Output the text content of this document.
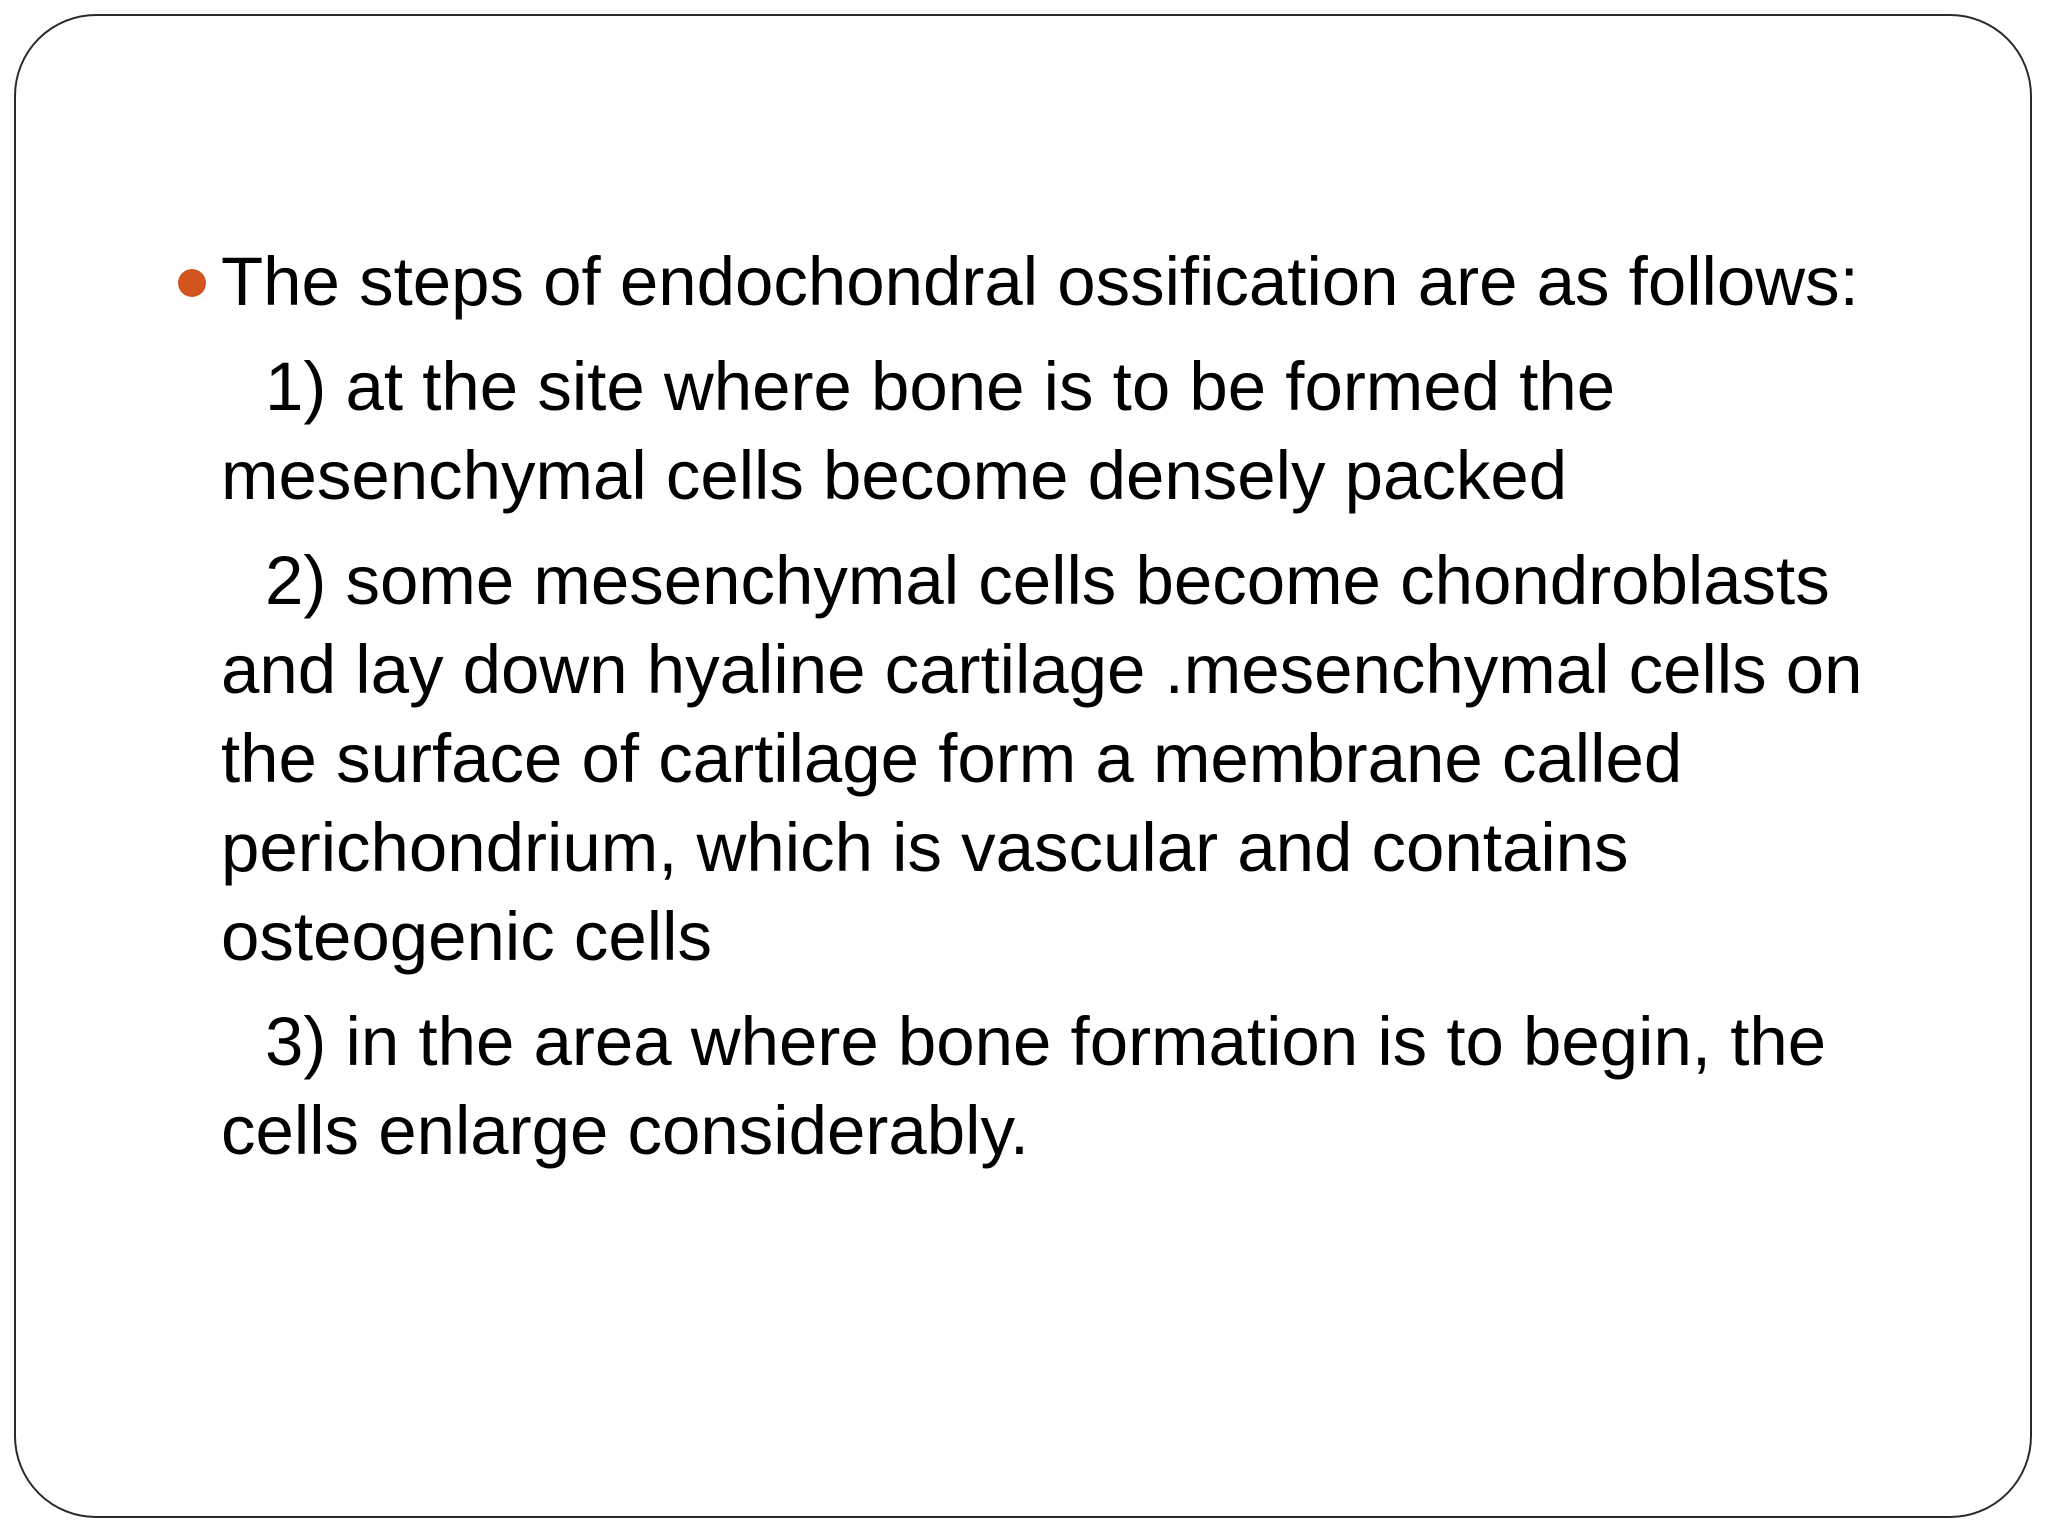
The steps of endochondral ossification are as follows:

1) at the site where bone is to be formed the mesenchymal cells become densely packed

2) some mesenchymal cells become chondroblasts and lay down hyaline cartilage .mesenchymal cells on the surface of cartilage form a membrane called perichondrium, which is vascular and contains osteogenic cells

3) in the area where bone formation is to begin, the cells enlarge considerably.
